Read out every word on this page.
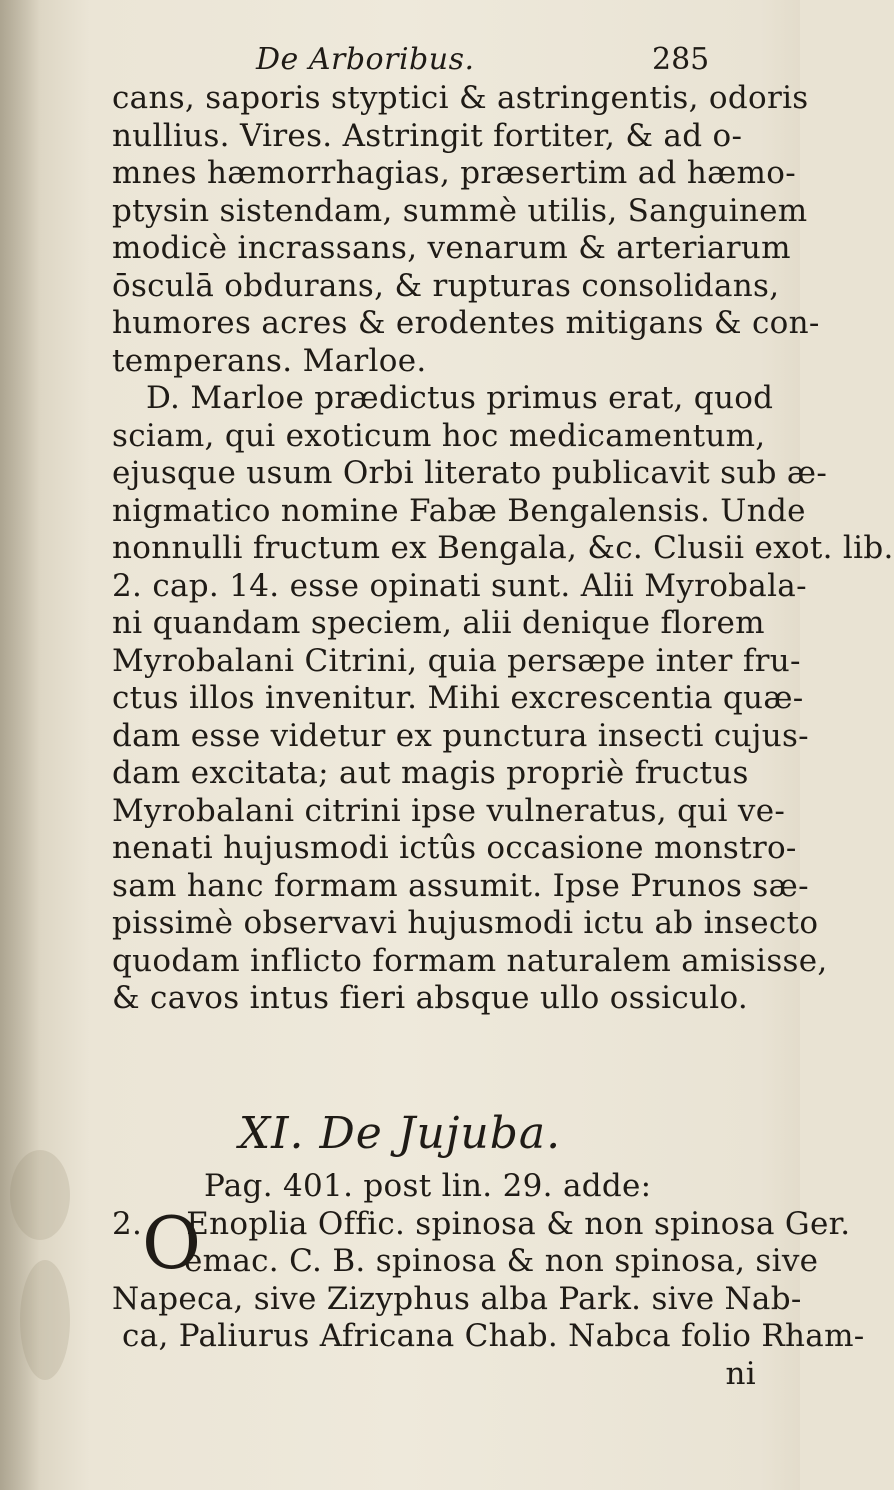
De Arboribus.	285
cans, saporis styptici & astringentis, odoris
nullius. Vires. Astringit fortiter, & ad o-
mnes hæmorrhagias, præsertim ad hæmo-
ptysin sistendam, summè utilis, Sanguinem
modicè incrassans, venarum & arteriarum
ōsculā obdurans, & rupturas consolidans,
humores acres & erodentes mitigans & con-
temperans. Marloe.
D. Marloe prædictus primus erat, quod
sciam, qui exoticum hoc medicamentum,
ejusque usum Orbi literato publicavit sub æ-
nigmatico nomine Fabæ Bengalensis. Unde
nonnulli fructum ex Bengala, &c. Clusii exot. lib.
2. cap. 14. esse opinati sunt. Alii Myrobala-
ni quandam speciem, alii denique florem
Myrobalani Citrini, quia persæpe inter fru-
ctus illos invenitur. Mihi excrescentia quæ-
dam esse videtur ex punctura insecti cujus-
dam excitata; aut magis propriè fructus
Myrobalani citrini ipse vulneratus, qui ve-
nenati hujusmodi ictûs occasione monstro-
sam hanc formam assumit. Ipse Prunos sæ-
pissimè observavi hujusmodi ictu ab insecto
quodam inflicto formam naturalem amisisse,
& cavos intus fieri absque ullo ossiculo.
XI. De Jujuba.
Pag. 401. post lin. 29. adde:
2. Enoplia Offic. spinosa & non spinosa Ger.
emac. C. B. spinosa & non spinosa, sive
Napeca, sive Zizyphus alba Park. sive Nab-
ca, Paliurus Africana Chab. Nabca folio Rham-
ni
O
